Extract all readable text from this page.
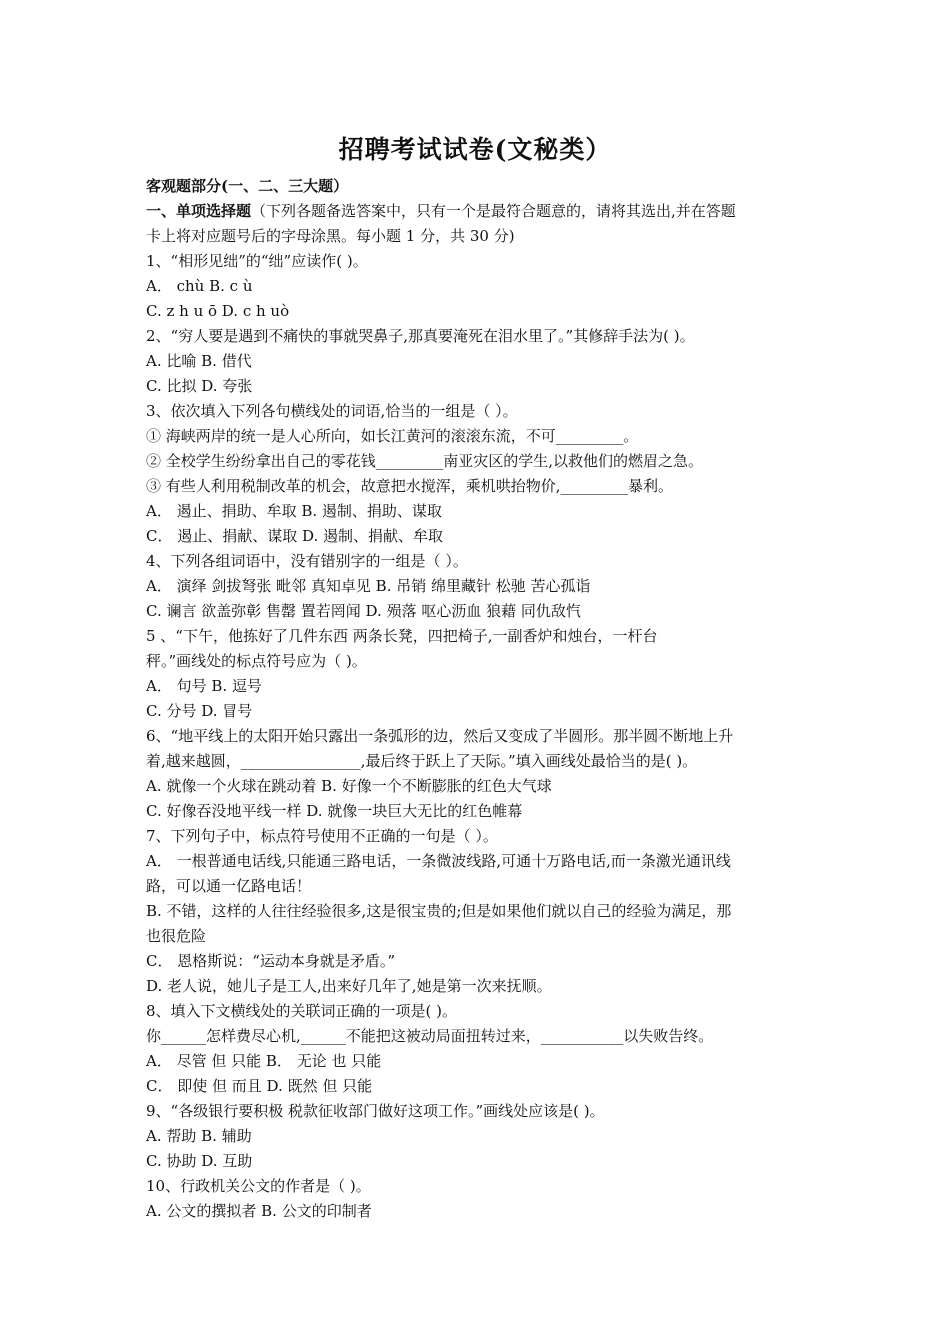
招聘考试试卷(文秘类）
客观题部分(一、二、三大题）
一、单项选择题（下列各题备选答案中，只有一个是最符合题意的，请将其选出,并在答题
卡上将对应题号后的字母涂黑。每小题 1 分，共 30 分)
1、“相形见绌”的“绌”应读作( )。
A． chù B. c ù
C. z h u ō D. c h uò
2、“穷人要是遇到不痛快的事就哭鼻子,那真要淹死在泪水里了。”其修辞手法为( )。
A. 比喻 B. 借代
C. 比拟 D. 夸张
3、依次填入下列各句横线处的词语,恰当的一组是（ ）。
① 海峡两岸的统一是人心所向，如长江黄河的滚滚东流，不可_________。
② 全校学生纷纷拿出自己的零花钱_________南亚灾区的学生,以救他们的燃眉之急。
③ 有些人利用税制改革的机会，故意把水搅浑，乘机哄抬物价,_________暴利。
A． 遏止、捐助、牟取 B. 遏制、捐助、谋取
C． 遏止、捐献、谋取 D. 遏制、捐献、牟取
4、下列各组词语中，没有错别字的一组是（ ）。
A． 演绎 剑拔弩张 毗邻 真知卓见 B. 吊销 绵里藏针 松驰 苦心孤诣
C. 谰言 欲盖弥彰 售罄 置若罔闻 D. 殒落 呕心沥血 狼藉 同仇敌忾
5 、“下午，他拣好了几件东西 两条长凳，四把椅子,一副香炉和烛台，一杆台
秤。”画线处的标点符号应为（ )。
A． 句号 B. 逗号
C. 分号 D. 冒号
6、“地平线上的太阳开始只露出一条弧形的边，然后又变成了半圆形。那半圆不断地上升
着,越来越圆，________________,最后终于跃上了天际。”填入画线处最恰当的是( )。
A. 就像一个火球在跳动着 B. 好像一个不断膨胀的红色大气球
C. 好像吞没地平线一样 D. 就像一块巨大无比的红色帷幕
7、下列句子中，标点符号使用不正确的一句是（ ）。
A． 一根普通电话线,只能通三路电话，一条微波线路,可通十万路电话,而一条激光通讯线
路，可以通一亿路电话！
B. 不错，这样的人往往经验很多,这是很宝贵的;但是如果他们就以自己的经验为满足，那
也很危险
C． 恩格斯说：“运动本身就是矛盾。”
D. 老人说，她儿子是工人,出来好几年了,她是第一次来抚顺。
8、填入下文横线处的关联词正确的一项是( )。
你______怎样费尽心机,______不能把这被动局面扭转过来，___________以失败告终。
A． 尽管 但 只能 B． 无论 也 只能
C． 即使 但 而且 D. 既然 但 只能
9、“各级银行要积极 税款征收部门做好这项工作。”画线处应该是( )。
A. 帮助 B. 辅助
C. 协助 D. 互助
10、行政机关公文的作者是（ )。
A. 公文的撰拟者 B. 公文的印制者
